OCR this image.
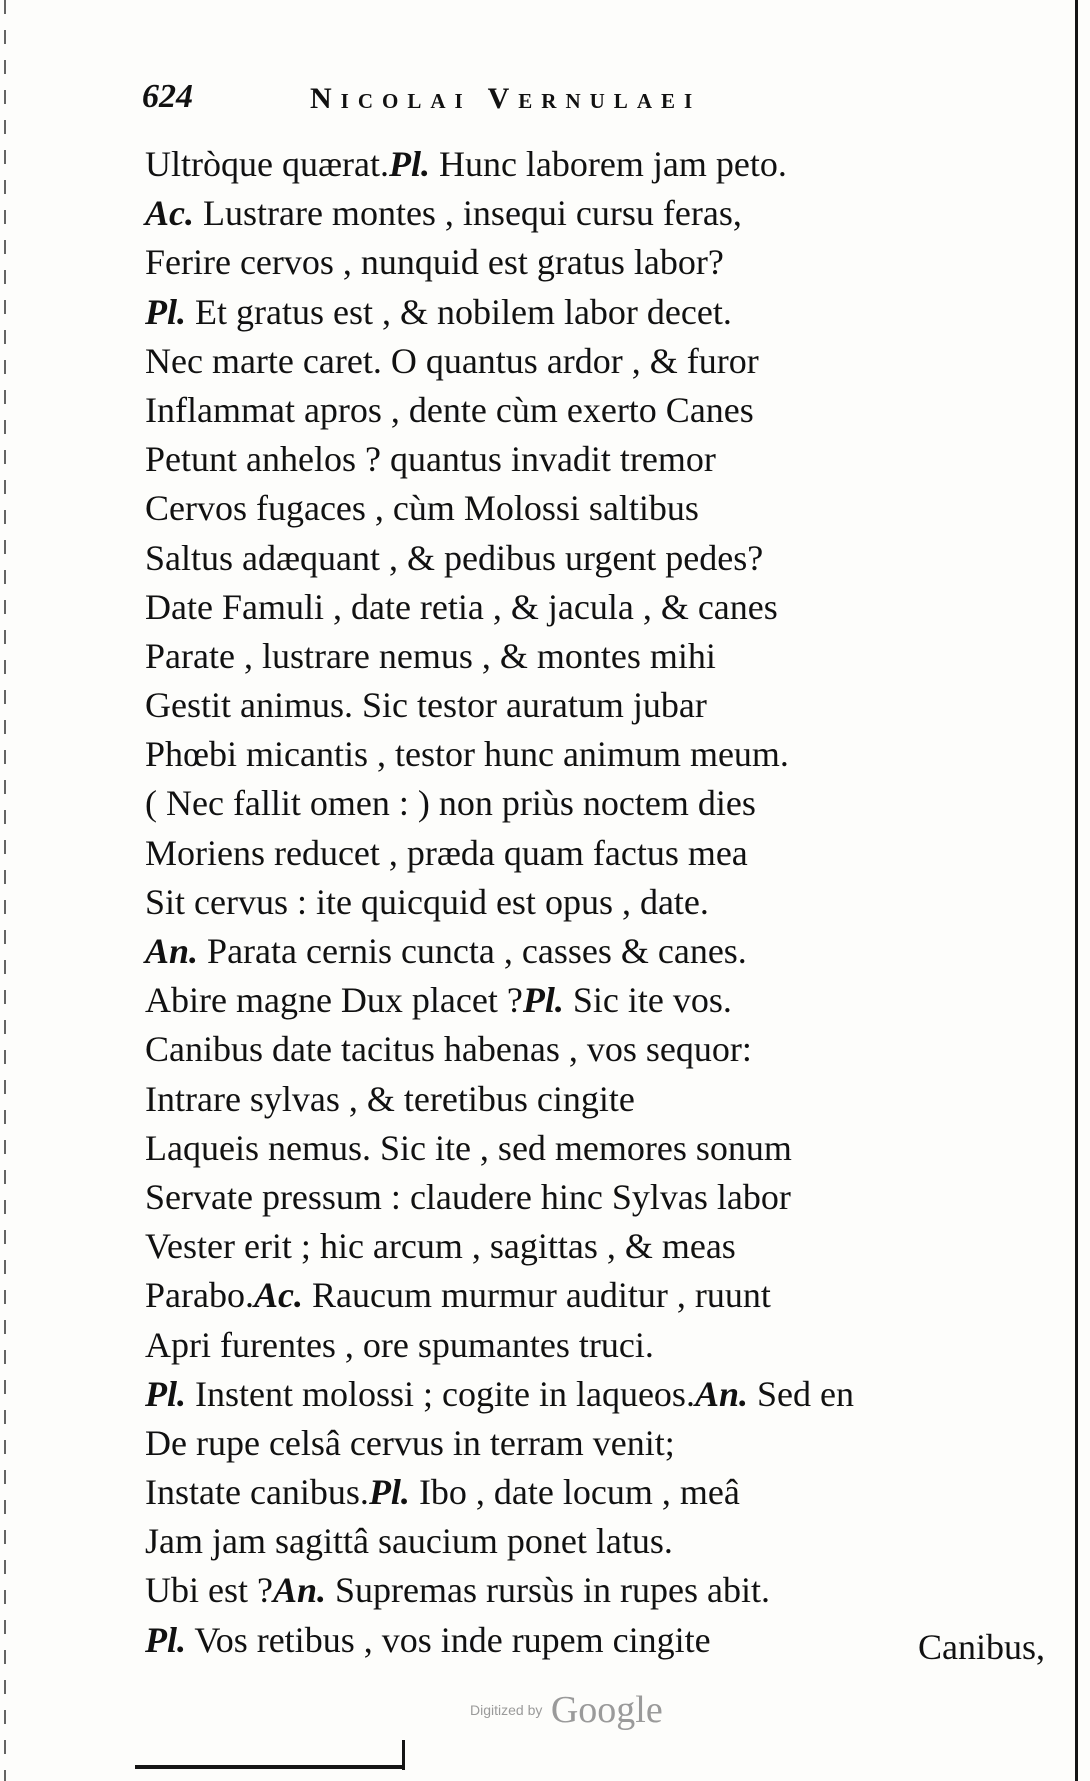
624	Nicolai Vernulaei
Ultròque quærat.Pl. Hunc laborem jam peto.
Ac. Lustrare montes , insequi cursu feras,
Ferire cervos , nunquid est gratus labor?
Pl. Et gratus est , & nobilem labor decet.
Nec marte caret. O quantus ardor , & furor
Inflammat apros , dente cùm exerto Canes
Petunt anhelos ? quantus invadit tremor
Cervos fugaces , cùm Molossi saltibus
Saltus adæquant , & pedibus urgent pedes?
Date Famuli , date retia , & jacula , & canes
Parate , lustrare nemus , & montes mihi
Gestit animus. Sic testor auratum jubar
Phœbi micantis , testor hunc animum meum.
( Nec fallit omen : ) non priùs noctem dies
Moriens reducet , præda quam factus mea
Sit cervus : ite quicquid est opus , date.
An. Parata cernis cuncta , casses & canes.
Abire magne Dux placet ?Pl. Sic ite vos.
Canibus date tacitus habenas , vos sequor:
Intrare sylvas , & teretibus cingite
Laqueis nemus. Sic ite , sed memores sonum
Servate pressum : claudere hinc Sylvas labor
Vester erit ; hic arcum , sagittas , & meas
Parabo.Ac. Raucum murmur auditur , ruunt
Apri furentes , ore spumantes truci.
Pl. Instent molossi ; cogite in laqueos.An. Sed en
De rupe celsâ cervus in terram venit;
Instate canibus.Pl. Ibo , date locum , meâ
Jam jam sagittâ saucium ponet latus.
Ubi est ?An. Supremas rursùs in rupes abit.
Pl. Vos retibus , vos inde rupem cingite	Canibus,
Digitized by Google
